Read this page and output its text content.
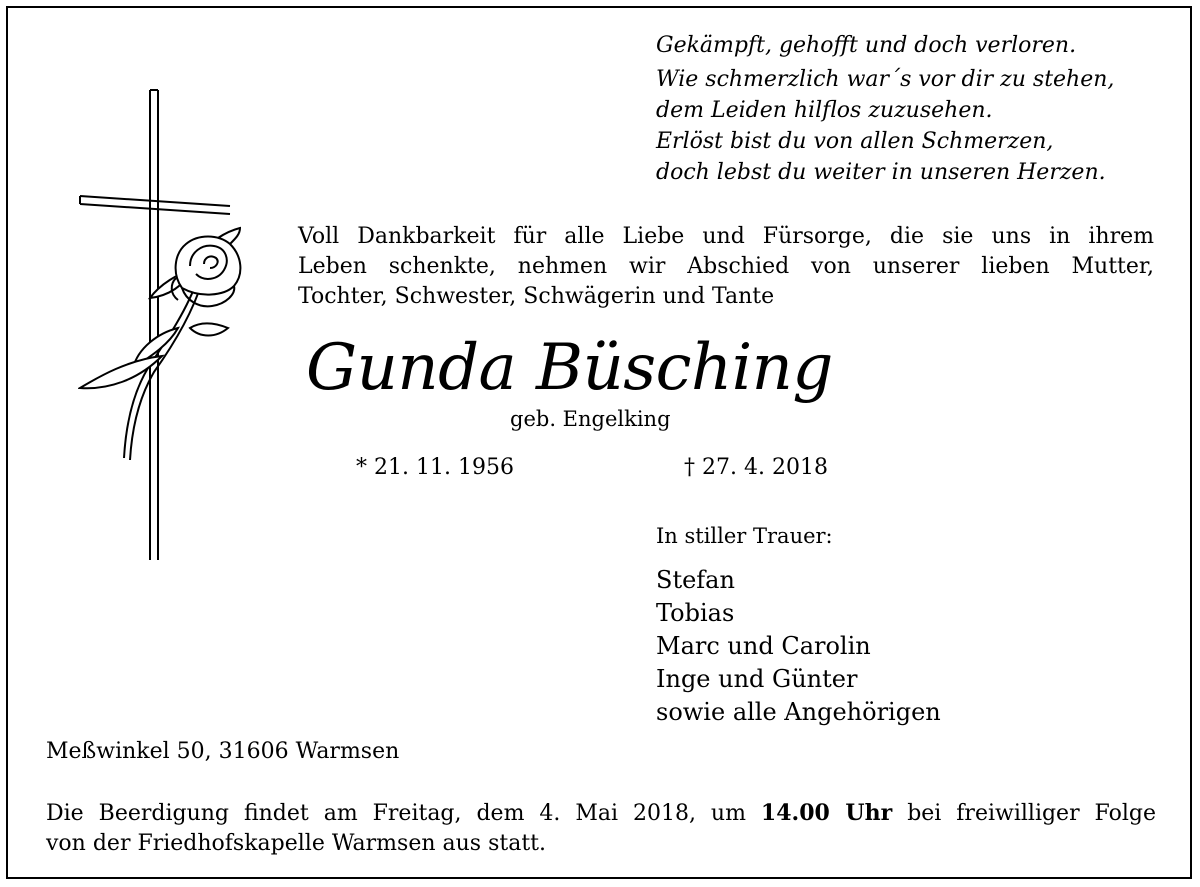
Gekämpft, gehofft und doch verloren.
Wie schmerzlich war´s vor dir zu stehen,
dem Leiden hilflos zuzusehen.
Erlöst bist du von allen Schmerzen,
doch lebst du weiter in unseren Herzen.
Voll Dankbarkeit für alle Liebe und Fürsorge, die sie uns in ihrem
Leben schenkte, nehmen wir Abschied von unserer lieben Mutter,
Tochter, Schwester, Schwägerin und Tante
Gunda Büsching
geb. Engelking
* 21. 11. 1956	† 27. 4. 2018
In stiller Trauer:
Stefan
Tobias
Marc und Carolin
Inge und Günter
sowie alle Angehörigen
Meßwinkel 50, 31606 Warmsen
Die Beerdigung findet am Freitag, dem 4. Mai 2018, um 14.00 Uhr bei freiwilliger Folge
von der Friedhofskapelle Warmsen aus statt.
